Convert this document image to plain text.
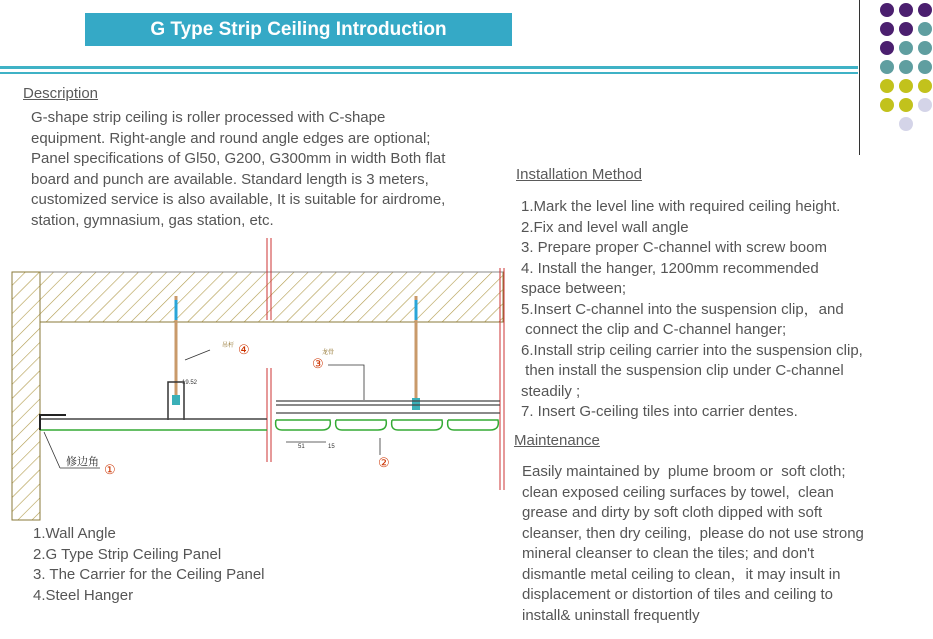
G Type Strip Ceiling Introduction
Description
G-shape strip ceiling is roller processed with C-shape
equipment. Right-angle and round angle edges are optional;
Panel specifications of Gl50, G200, G300mm in width Both flat
board and punch are available. Standard length is 3 meters,
customized service is also available, It is suitable for airdrome,
station, gymnasium, gas station, etc.
19.52
吊杆
龙骨
51	15
修边角 ①	②
③
④
1.Wall Angle
2.G Type Strip Ceiling Panel
3. The Carrier for the Ceiling Panel
4.Steel Hanger
Installation Method
1.Mark the level line with required ceiling height.
2.Fix and level wall angle
3. Prepare proper C-channel with screw boom
4. Install the hanger, 1200mm recommended
space between;
5.Insert C-channel into the suspension clip，and
connect the clip and C-channel hanger;
6.Install strip ceiling carrier into the suspension clip,
then install the suspension clip under C-channel
steadily ;
7. Insert G-ceiling tiles into carrier dentes.
Maintenance
Easily maintained by  plume broom or  soft cloth;
clean exposed ceiling surfaces by towel,  clean
grease and dirty by soft cloth dipped with soft
cleanser, then dry ceiling,  please do not use strong
mineral cleanser to clean the tiles; and don't
dismantle metal ceiling to clean，it may insult in
displacement or distortion of tiles and ceiling to
install& uninstall frequently
